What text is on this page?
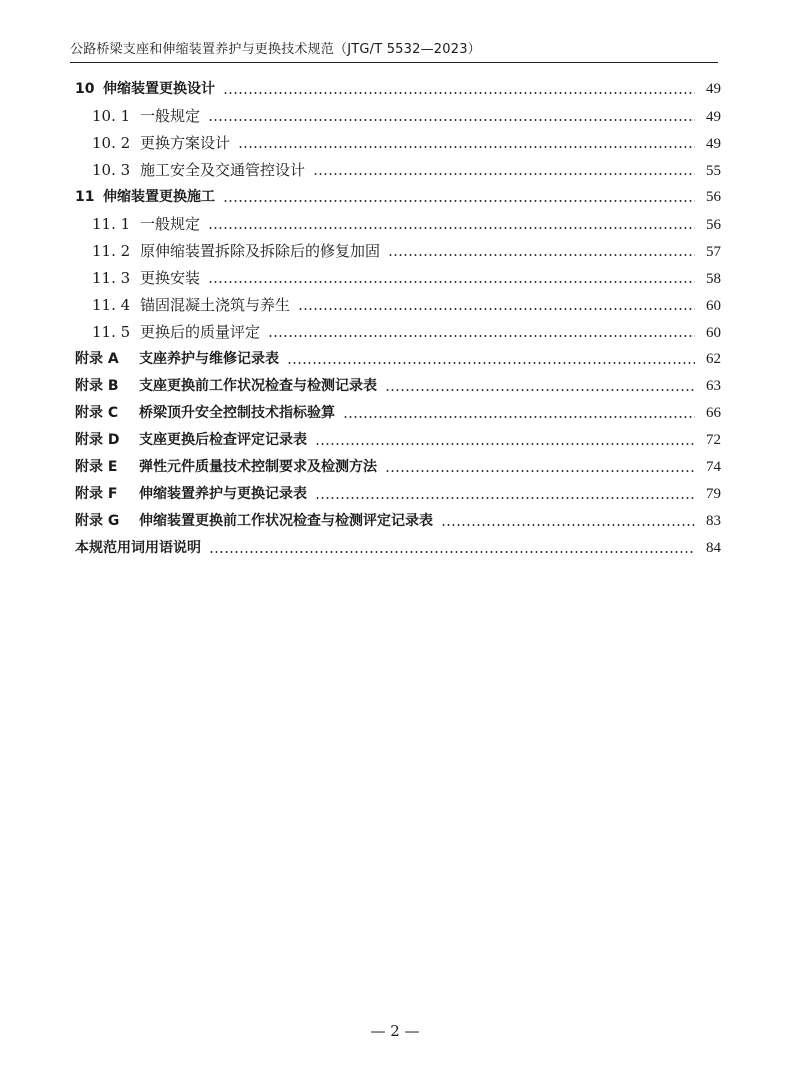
公路桥梁支座和伸缩装置养护与更换技术规范（JTG/T 5532—2023）
10 伸缩装置更换设计	49
10. 1 一般规定	49
10. 2 更换方案设计	49
10. 3 施工安全及交通管控设计	55
11 伸缩装置更换施工	56
11. 1 一般规定	56
11. 2 原伸缩装置拆除及拆除后的修复加固	57
11. 3 更换安装	58
11. 4 锚固混凝土浇筑与养生	60
11. 5 更换后的质量评定	60
附录 A	支座养护与维修记录表	62
附录 B	支座更换前工作状况检查与检测记录表	63
附录 C	桥梁顶升安全控制技术指标验算	66
附录 D	支座更换后检查评定记录表	72
附录 E	弹性元件质量技术控制要求及检测方法	74
附录 F	伸缩装置养护与更换记录表	79
附录 G	伸缩装置更换前工作状况检查与检测评定记录表	83
本规范用词用语说明	84
— 2 —
